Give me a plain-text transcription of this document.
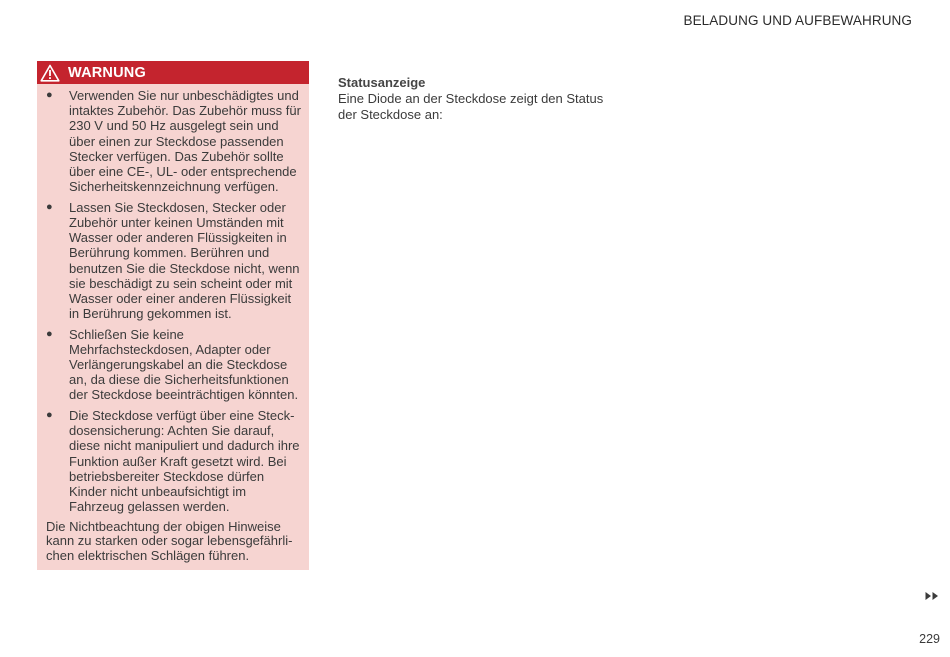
BELADUNG UND AUFBEWAHRUNG
WARNUNG
● Verwenden Sie nur unbeschädigtes und intaktes Zubehör. Das Zubehör muss für 230 V und 50 Hz ausgelegt sein und über einen zur Steckdose passenden Stecker verfügen. Das Zubehör sollte über eine CE-, UL- oder entsprechende Sicherheitskennzeichnung verfügen.
● Lassen Sie Steckdosen, Stecker oder Zubehör unter keinen Umständen mit Wasser oder anderen Flüssigkeiten in Berührung kommen. Berühren und benutzen Sie die Steckdose nicht, wenn sie beschädigt zu sein scheint oder mit Wasser oder einer anderen Flüssigkeit in Berührung gekommen ist.
● Schließen Sie keine Mehrfachsteckdosen, Adapter oder Verlängerungskabel an die Steckdose an, da diese die Sicherheitsfunktionen der Steckdose beeinträchtigen könnten.
● Die Steckdose verfügt über eine Steckdosensicherung: Achten Sie darauf, diese nicht manipuliert und dadurch ihre Funktion außer Kraft gesetzt wird. Bei betriebsbereiter Steckdose dürfen Kinder nicht unbeaufsichtigt im Fahrzeug gelassen werden.
Die Nichtbeachtung der obigen Hinweise kann zu starken oder sogar lebensgefährlichen elektrischen Schlägen führen.
Statusanzeige
Eine Diode an der Steckdose zeigt den Status der Steckdose an:
229
